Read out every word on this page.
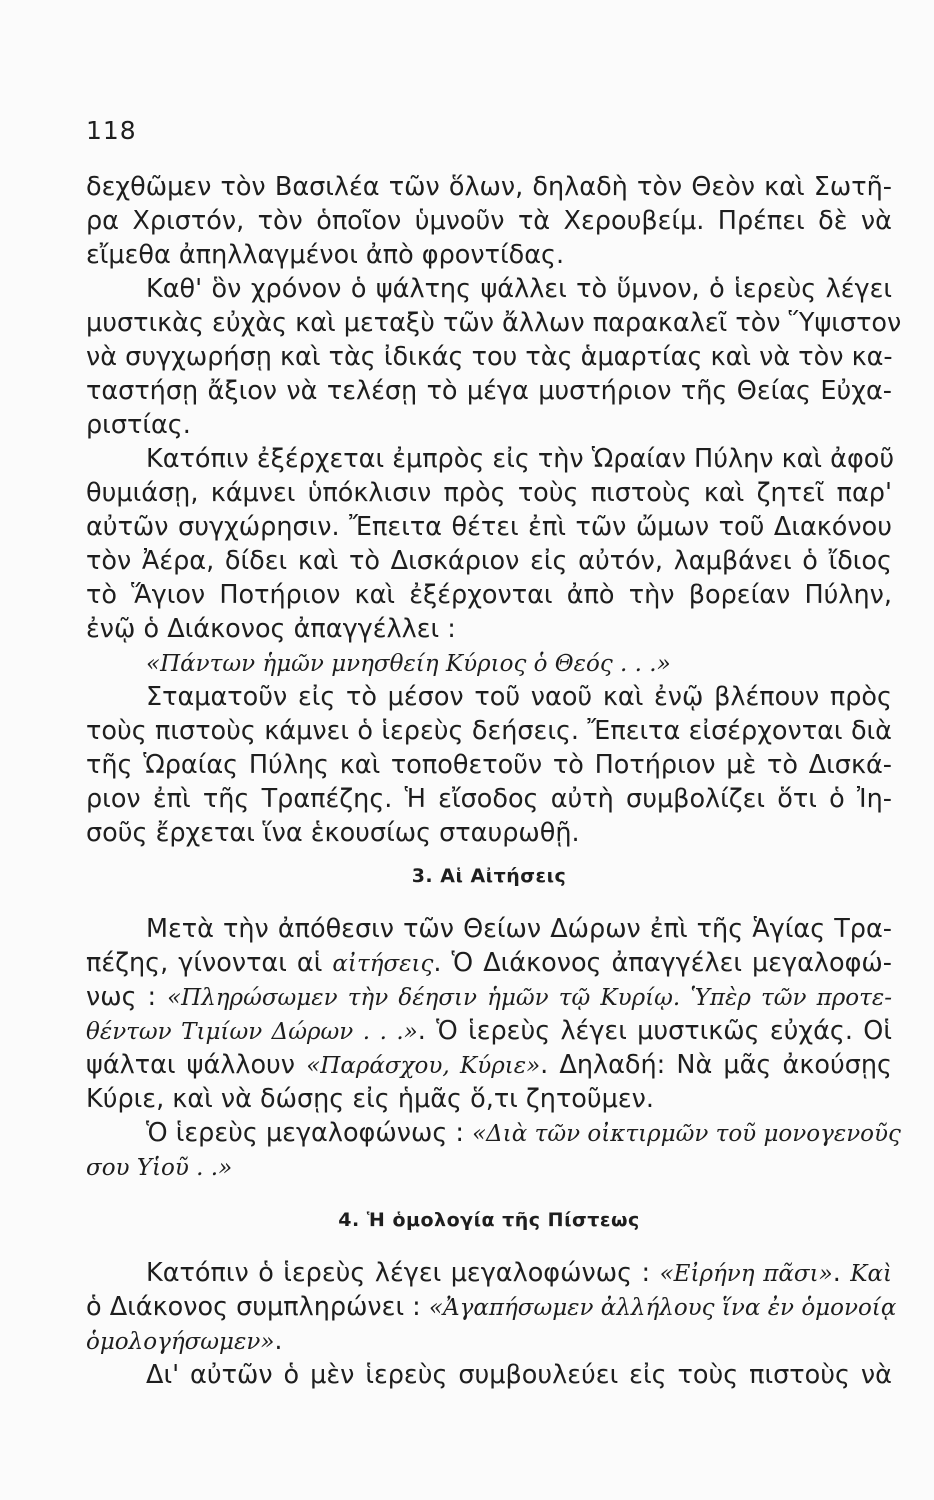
118
δεχθῶμεν τὸν Βασιλέα τῶν ὅλων, δηλαδὴ τὸν Θεὸν καὶ Σωτῆ-
ρα Χριστόν, τὸν ὁποῖον ὑμνοῦν τὰ Χερουβείμ. Πρέπει δὲ νὰ
εἴμεθα ἀπηλλαγμένοι ἀπὸ φροντίδας.
Καθ' ὃν χρόνον ὁ ψάλτης ψάλλει τὸ ὕμνον, ὁ ἱερεὺς λέγει
μυστικὰς εὐχὰς καὶ μεταξὺ τῶν ἄλλων παρακαλεῖ τὸν Ὕψιστον
νὰ συγχωρήσῃ καὶ τὰς ἰδικάς του τὰς ἁμαρτίας καὶ νὰ τὸν κα-
ταστήσῃ ἄξιον νὰ τελέσῃ τὸ μέγα μυστήριον τῆς Θείας Εὐχα-
ριστίας.
Κατόπιν ἐξέρχεται ἐμπρὸς εἰς τὴν Ὡραίαν Πύλην καὶ ἀφοῦ
θυμιάσῃ, κάμνει ὑπόκλισιν πρὸς τοὺς πιστοὺς καὶ ζητεῖ παρ'
αὐτῶν συγχώρησιν. Ἔπειτα θέτει ἐπὶ τῶν ὤμων τοῦ Διακόνου
τὸν Ἀέρα, δίδει καὶ τὸ Δισκάριον εἰς αὐτόν, λαμβάνει ὁ ἴδιος
τὸ Ἅγιον Ποτήριον καὶ ἐξέρχονται ἀπὸ τὴν βορείαν Πύλην,
ἐνῷ ὁ Διάκονος ἀπαγγέλλει :
«Πάντων ἡμῶν μνησθείη Κύριος ὁ Θεός . . .»
Σταματοῦν εἰς τὸ μέσον τοῦ ναοῦ καὶ ἐνῷ βλέπουν πρὸς
τοὺς πιστοὺς κάμνει ὁ ἱερεὺς δεήσεις. Ἔπειτα εἰσέρχονται διὰ
τῆς Ὡραίας Πύλης καὶ τοποθετοῦν τὸ Ποτήριον μὲ τὸ Δισκά-
ριον ἐπὶ τῆς Τραπέζης. Ἡ εἴσοδος αὐτὴ συμβολίζει ὅτι ὁ Ἰη-
σοῦς ἔρχεται ἵνα ἑκουσίως σταυρωθῇ.
3. Αἱ Αἰτήσεις
Μετὰ τὴν ἀπόθεσιν τῶν Θείων Δώρων ἐπὶ τῆς Ἁγίας Τρα-
πέζης, γίνονται αἱ αἰτήσεις. Ὁ Διάκονος ἀπαγγέλει μεγαλοφώ-
νως : «Πληρώσωμεν τὴν δέησιν ἡμῶν τῷ Κυρίῳ. Ὑπὲρ τῶν προτε-
θέντων Τιμίων Δώρων . . .». Ὁ ἱερεὺς λέγει μυστικῶς εὐχάς. Οἱ
ψάλται ψάλλουν «Παράσχου, Κύριε». Δηλαδή: Νὰ μᾶς ἀκούσῃς
Κύριε, καὶ νὰ δώσῃς εἰς ἡμᾶς ὅ,τι ζητοῦμεν.
Ὁ ἱερεὺς μεγαλοφώνως : «Διὰ τῶν οἰκτιρμῶν τοῦ μονογενοῦς
σου Υἱοῦ . .»
4. Ἡ ὁμολογία τῆς Πίστεως
Κατόπιν ὁ ἱερεὺς λέγει μεγαλοφώνως : «Εἰρήνη πᾶσι». Καὶ
ὁ Διάκονος συμπληρώνει : «Ἀγαπήσωμεν ἀλλήλους ἵνα ἐν ὁμονοίᾳ
ὁμολογήσωμεν».
Δι' αὐτῶν ὁ μὲν ἱερεὺς συμβουλεύει εἰς τοὺς πιστοὺς νὰ
